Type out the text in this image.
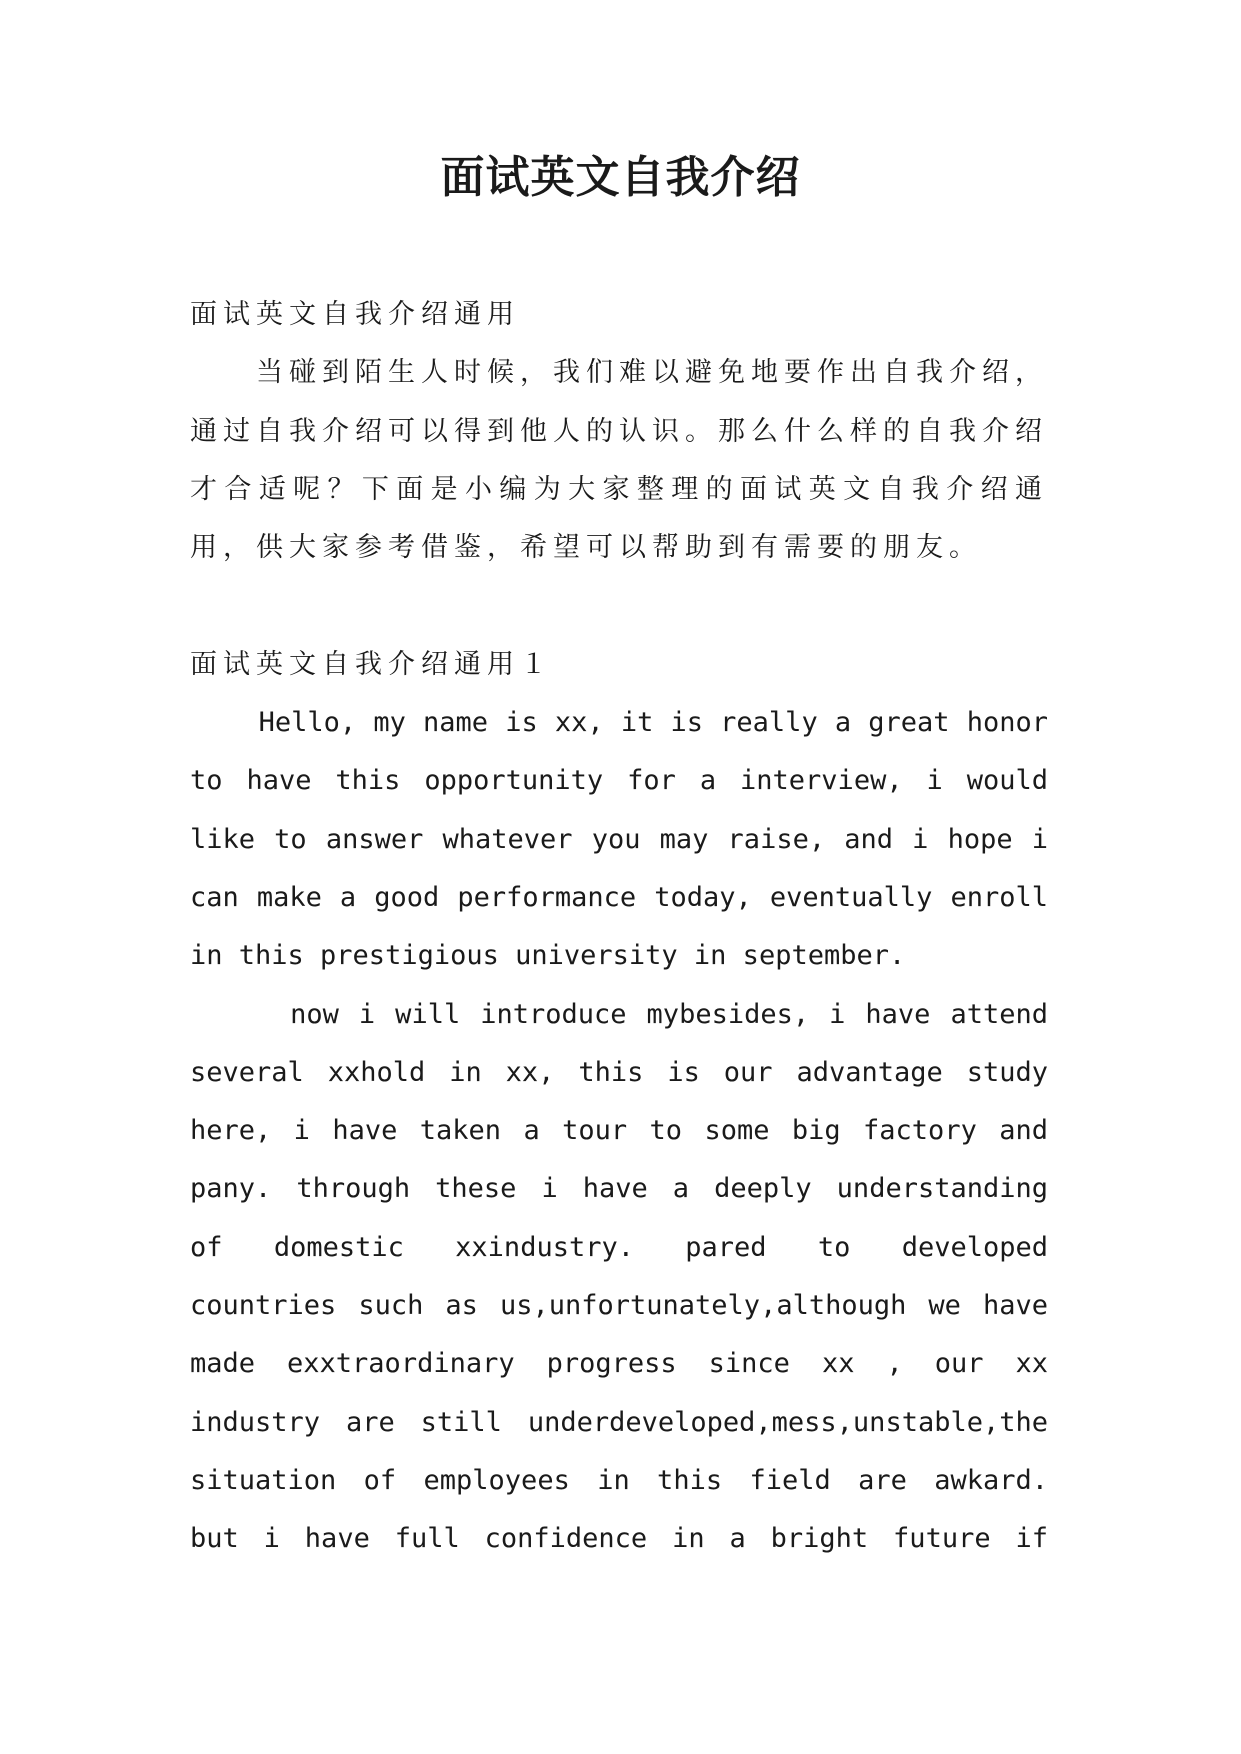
面试英文自我介绍
面试英文自我介绍通用
　　当碰到陌生人时候，我们难以避免地要作出自我介绍，
通过自我介绍可以得到他人的认识。那么什么样的自我介绍
才合适呢？下面是小编为大家整理的面试英文自我介绍通
用，供大家参考借鉴，希望可以帮助到有需要的朋友。
面试英文自我介绍通用１
Hello, my name is xx, it is really a great honor
to have this opportunity for a interview, i would
like to answer whatever you may raise, and i hope i
can make a good performance today, eventually enroll
in this prestigious university in september.
now i will introduce mybesides, i have attend
several xxhold in xx, this is our advantage study
here, i have taken a tour to some big factory and
pany. through these i have a deeply understanding
of domestic xxindustry. pared to developed
countries such as us,unfortunately,although we have
made exxtraordinary progress since xx , our xx
industry are still underdeveloped,mess,unstable,the
situation of employees in this field are awkard.
but i have full confidence in a bright future if
